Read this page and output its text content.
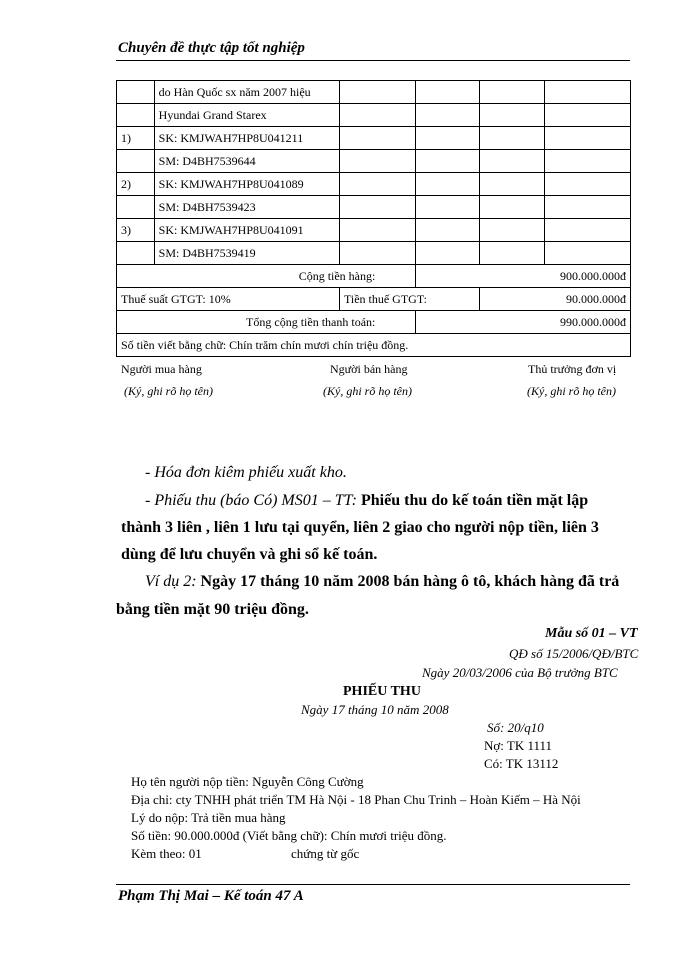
Chuyên đề thực tập tốt nghiệp
	do Hàn Quốc sx năm 2007 hiệu				
	Hyundai Grand Starex				
1)	SK: KMJWAH7HP8U041211				
	SM: D4BH7539644				
2)	SK: KMJWAH7HP8U041089				
	SM: D4BH7539423				
3)	SK: KMJWAH7HP8U041091				
	SM: D4BH7539419				
Cộng tiền hàng:			900.000.000đ		
Thuế suất GTGT: 10%		Tiền thuế GTGT:		90.000.000đ	
Tổng cộng tiền thanh toán:			990.000.000đ		
Số tiền viết bằng chữ: Chín trăm chín mươi chín triệu đồng.					
Người mua hàng	Người bán hàng	Thủ trưởng đơn vị
(Ký, ghi rõ họ tên)	(Ký, ghi rõ họ tên)	(Ký, ghi rõ họ tên)
- Hóa đơn kiêm phiếu xuất kho.
- Phiếu thu (báo Có) MS01 – TT: Phiếu thu do kế toán tiền mặt lập
thành 3 liên , liên 1 lưu tại quyển, liên 2 giao cho người nộp tiền, liên 3
dùng để lưu chuyển và ghi sổ kế toán.
Ví dụ 2: Ngày 17 tháng 10 năm 2008 bán hàng ô tô, khách hàng đã trả
bằng tiền mặt 90 triệu đồng.
Mẫu số 01 – VT
QĐ số 15/2006/QĐ/BTC
Ngày 20/03/2006 của Bộ trưởng BTC
PHIẾU THU
Ngày 17 tháng 10 năm 2008
Số: 20/q10
Nợ: TK 1111
Có: TK 13112
Họ tên người nộp tiền: Nguyễn Công Cường
Địa chỉ: cty TNHH phát triển TM Hà Nội - 18 Phan Chu Trinh – Hoàn Kiếm – Hà Nội
Lý do nộp: Trả tiền mua hàng
Số tiền: 90.000.000đ (Viết bằng chữ): Chín mươi triệu đồng.
Kèm theo: 01	chứng từ gốc
Phạm Thị Mai – Kế toán 47 A
